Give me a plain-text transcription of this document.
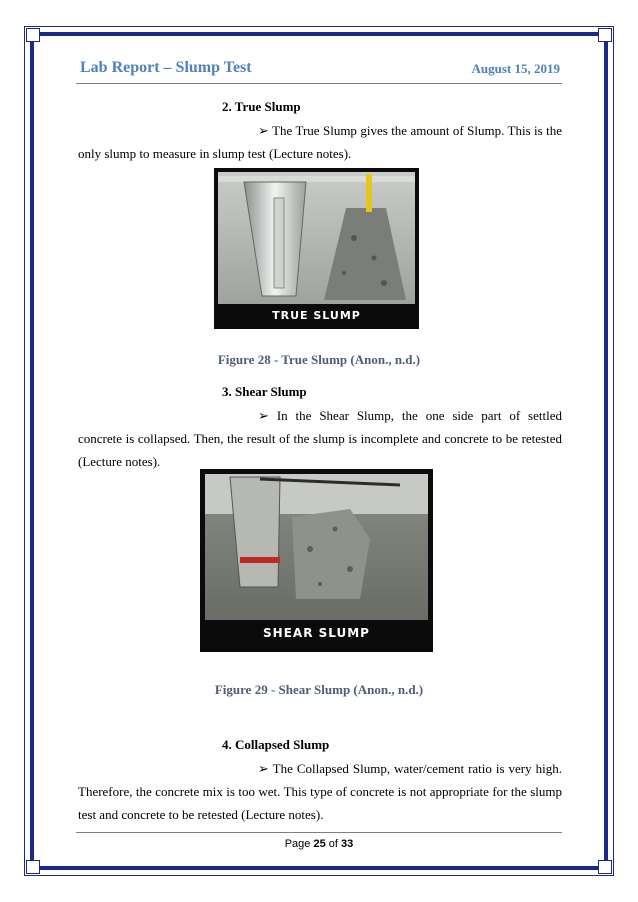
Lab Report – Slump Test	August 15, 2019
2. True Slump
➢ The True Slump gives the amount of Slump. This is the only slump to measure in slump test (Lecture notes).
TRUE SLUMP
Figure 28 - True Slump (Anon., n.d.)
3. Shear Slump
➢ In the Shear Slump, the one side part of settled concrete is collapsed. Then, the result of the slump is incomplete and concrete to be retested (Lecture notes).
SHEAR SLUMP
Figure 29 - Shear Slump (Anon., n.d.)
4. Collapsed Slump
➢ The Collapsed Slump, water/cement ratio is very high. Therefore, the concrete mix is too wet. This type of concrete is not appropriate for the slump test and concrete to be retested (Lecture notes).
Page 25 of 33
